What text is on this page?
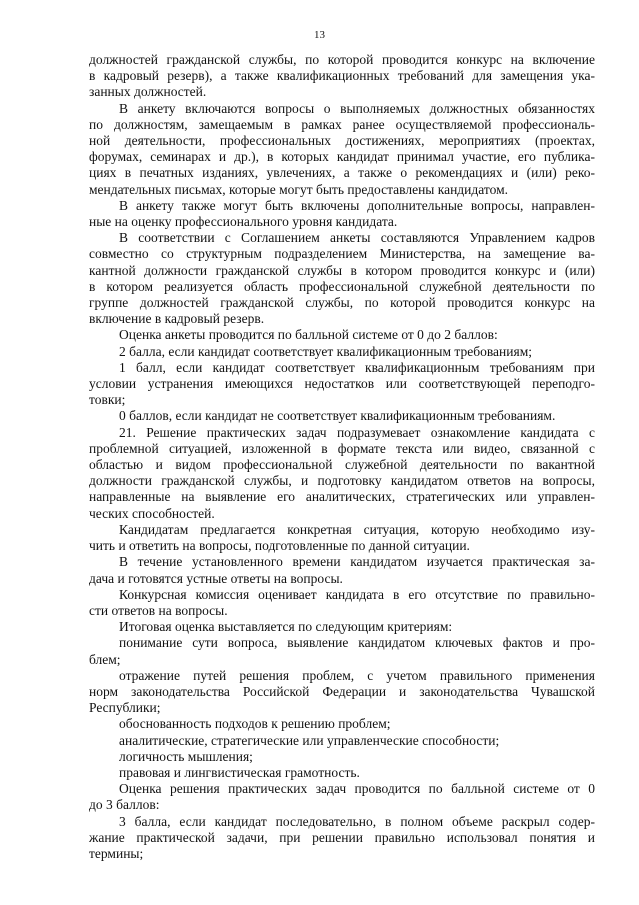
13

должностей гражданской службы, по которой проводится конкурс на включение
в кадровый резерв), а также квалификационных требований для замещения ука-
занных должностей.

В анкету включаются вопросы о выполняемых должностных обязанностях
по должностям, замещаемым в рамках ранее осуществляемой профессиональ-
ной деятельности, профессиональных достижениях, мероприятиях (проектах,
форумах, семинарах и др.), в которых кандидат принимал участие, его публика-
циях в печатных изданиях, увлечениях, а также о рекомендациях и (или) реко-
мендательных письмах, которые могут быть предоставлены кандидатом.

В анкету также могут быть включены дополнительные вопросы, направлен-
ные на оценку профессионального уровня кандидата.

В соответствии с Соглашением анкеты составляются Управлением кадров
совместно со структурным подразделением Министерства, на замещение ва-
кантной должности гражданской службы в котором проводится конкурс и (или)
в котором реализуется область профессиональной служебной деятельности по
группе должностей гражданской службы, по которой проводится конкурс на
включение в кадровый резерв.

Оценка анкеты проводится по балльной системе от 0 до 2 баллов:

2 балла, если кандидат соответствует квалификационным требованиям;

1 балл, если кандидат соответствует квалификационным требованиям при
условии устранения имеющихся недостатков или соответствующей переподго-
товки;

0 баллов, если кандидат не соответствует квалификационным требованиям.

21. Решение практических задач подразумевает ознакомление кандидата с
проблемной ситуацией, изложенной в формате текста или видео, связанной с
областью и видом профессиональной служебной деятельности по вакантной
должности гражданской службы, и подготовку кандидатом ответов на вопросы,
направленные на выявление его аналитических, стратегических или управлен-
ческих способностей.

Кандидатам предлагается конкретная ситуация, которую необходимо изу-
чить и ответить на вопросы, подготовленные по данной ситуации.

В течение установленного времени кандидатом изучается практическая за-
дача и готовятся устные ответы на вопросы.

Конкурсная комиссия оценивает кандидата в его отсутствие по правильно-
сти ответов на вопросы.

Итоговая оценка выставляется по следующим критериям:

понимание сути вопроса, выявление кандидатом ключевых фактов и про-
блем;

отражение путей решения проблем, с учетом правильного применения
норм законодательства Российской Федерации и законодательства Чувашской
Республики;

обоснованность подходов к решению проблем;

аналитические, стратегические или управленческие способности;

логичность мышления;

правовая и лингвистическая грамотность.

Оценка решения практических задач проводится по балльной системе от 0
до 3 баллов:

3 балла, если кандидат последовательно, в полном объеме раскрыл содер-
жание практической задачи, при решении правильно использовал понятия и
термины;
